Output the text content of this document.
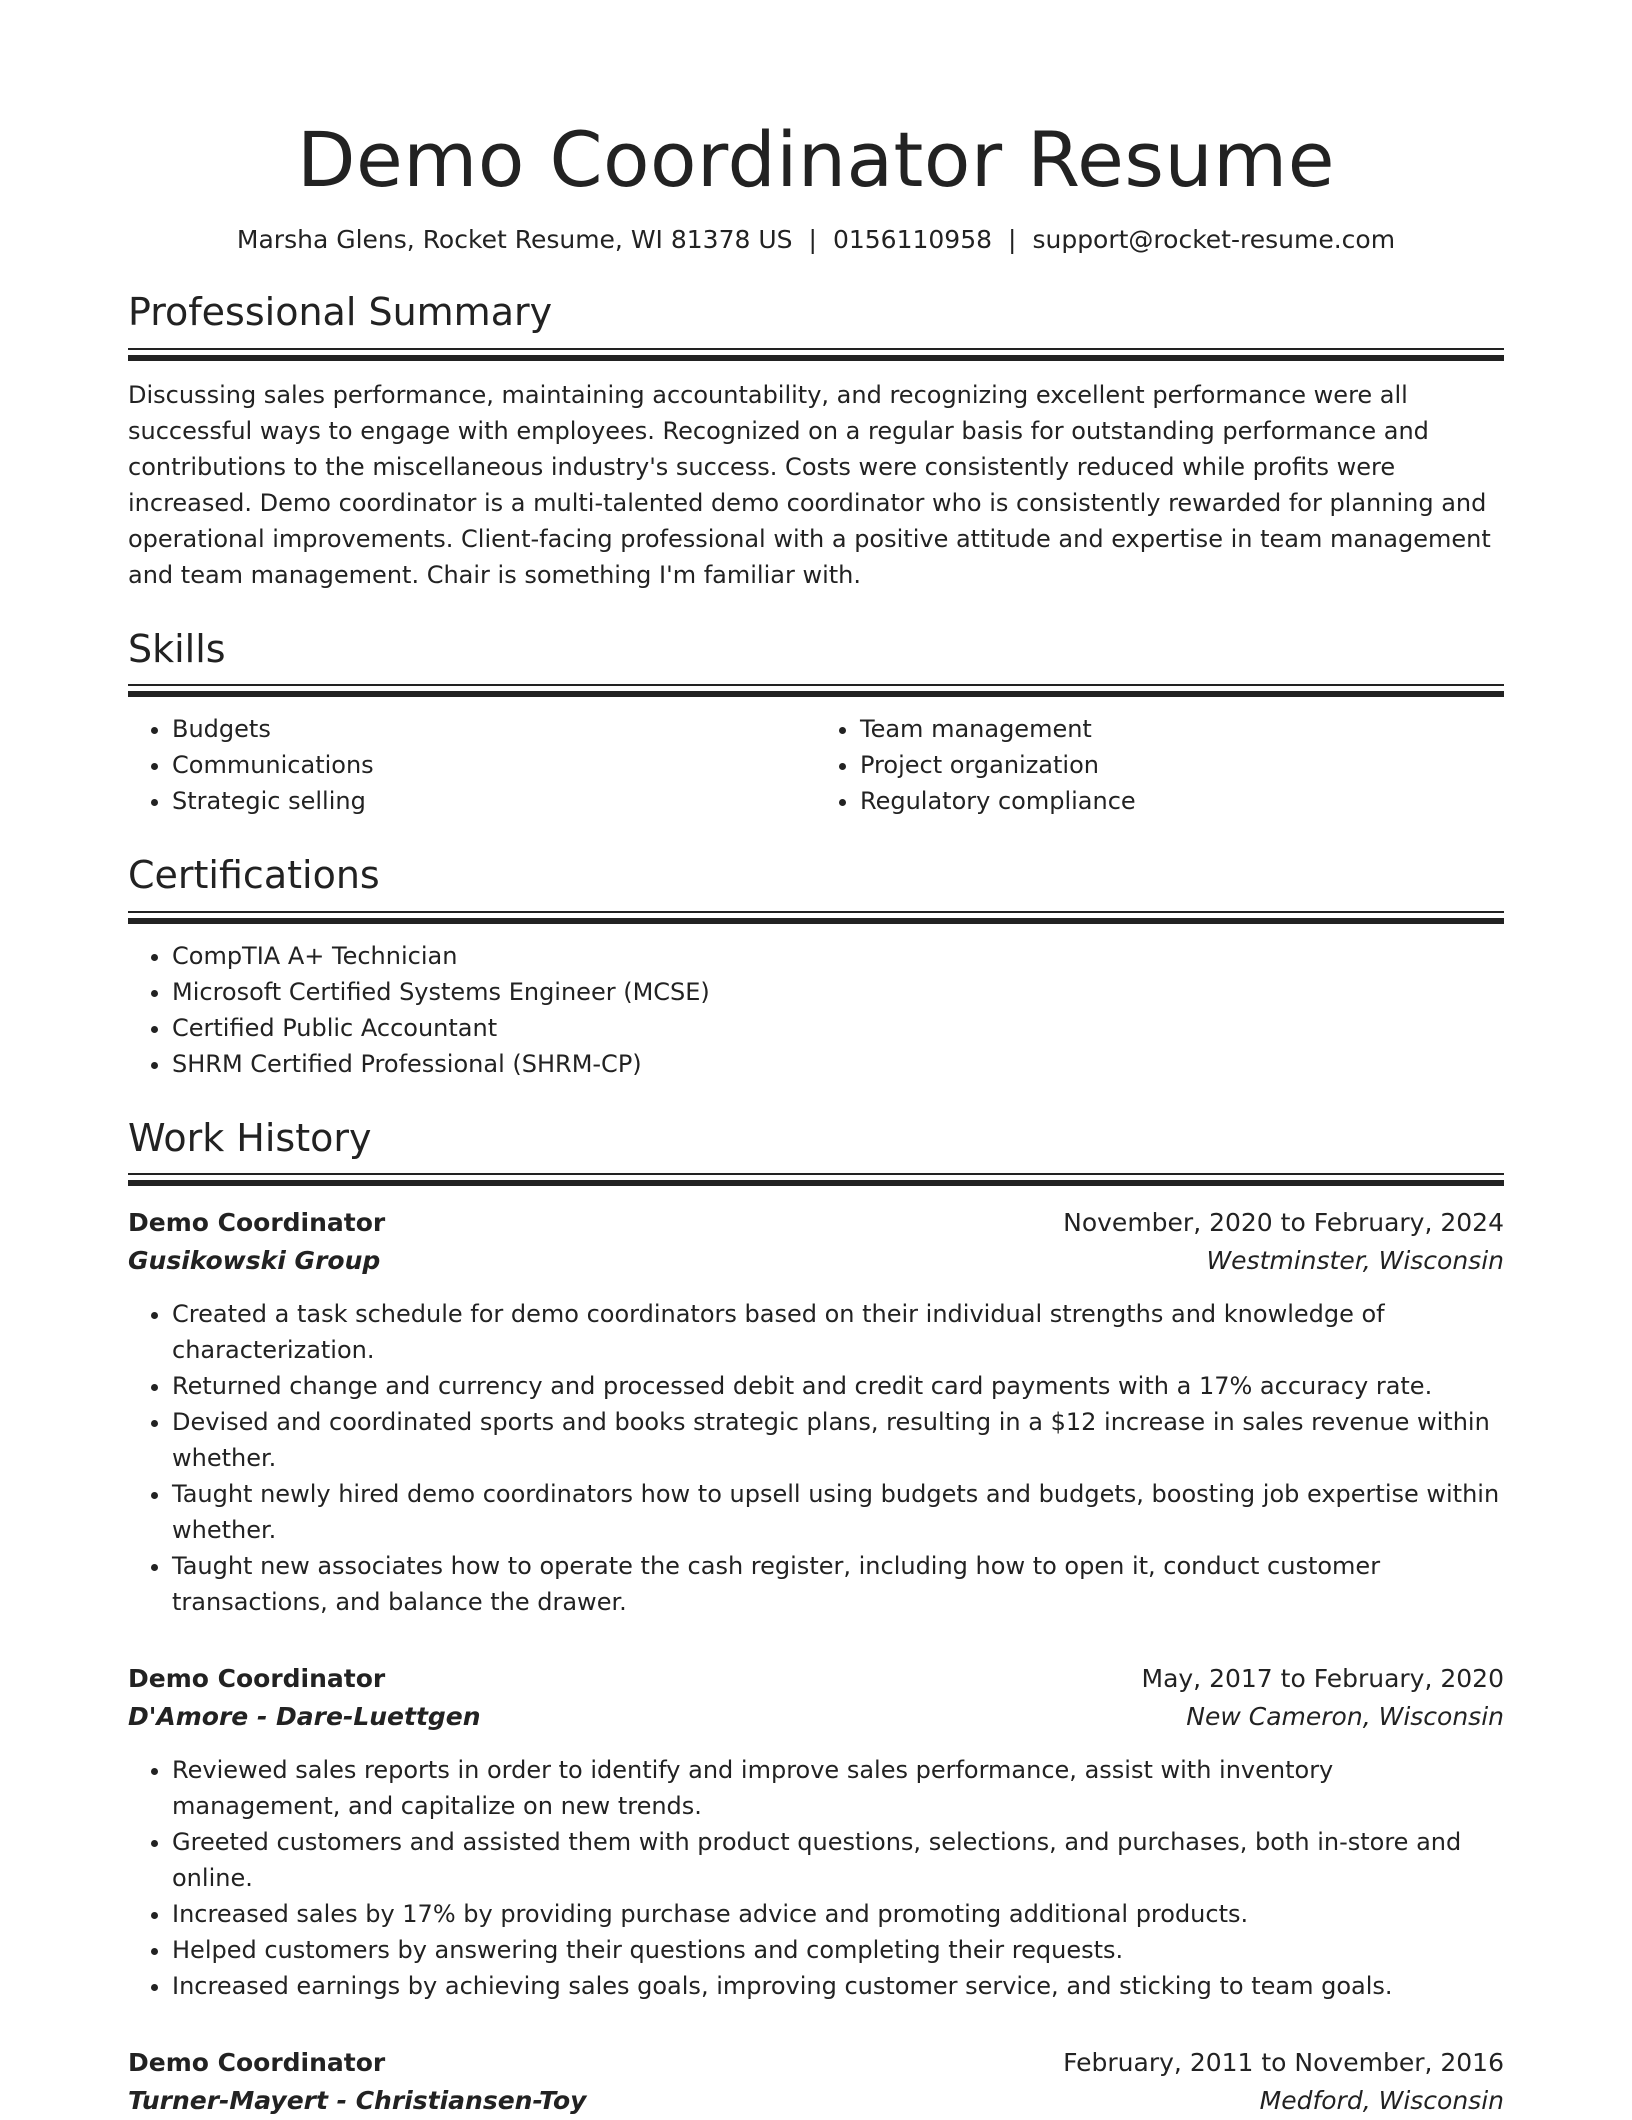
Demo Coordinator Resume
Marsha Glens, Rocket Resume, WI 81378 US | 0156110958 | support@rocket-resume.com
Professional Summary

Discussing sales performance, maintaining accountability, and recognizing excellent performance were all successful ways to engage with employees. Recognized on a regular basis for outstanding performance and contributions to the miscellaneous industry's success. Costs were consistently reduced while profits were increased. Demo coordinator is a multi-talented demo coordinator who is consistently rewarded for planning and operational improvements. Client-facing professional with a positive attitude and expertise in team management and team management. Chair is something I'm familiar with.

Skills
• Budgets
• Communications
• Strategic selling
• Team management
• Project organization
• Regulatory compliance
Certifications
• CompTIA A+ Technician
• Microsoft Certified Systems Engineer (MCSE)
• Certified Public Accountant
• SHRM Certified Professional (SHRM-CP)
Work History
Demo Coordinator	November, 2020 to February, 2024
Gusikowski Group	Westminster, Wisconsin
• Created a task schedule for demo coordinators based on their individual strengths and knowledge of characterization.
• Returned change and currency and processed debit and credit card payments with a 17% accuracy rate.
• Devised and coordinated sports and books strategic plans, resulting in a $12 increase in sales revenue within whether.
• Taught newly hired demo coordinators how to upsell using budgets and budgets, boosting job expertise within whether.
• Taught new associates how to operate the cash register, including how to open it, conduct customer transactions, and balance the drawer.
Demo Coordinator	May, 2017 to February, 2020
D'Amore - Dare-Luettgen	New Cameron, Wisconsin
• Reviewed sales reports in order to identify and improve sales performance, assist with inventory management, and capitalize on new trends.
• Greeted customers and assisted them with product questions, selections, and purchases, both in-store and online.
• Increased sales by 17% by providing purchase advice and promoting additional products.
• Helped customers by answering their questions and completing their requests.
• Increased earnings by achieving sales goals, improving customer service, and sticking to team goals.
Demo Coordinator	February, 2011 to November, 2016
Turner-Mayert - Christiansen-Toy	Medford, Wisconsin
